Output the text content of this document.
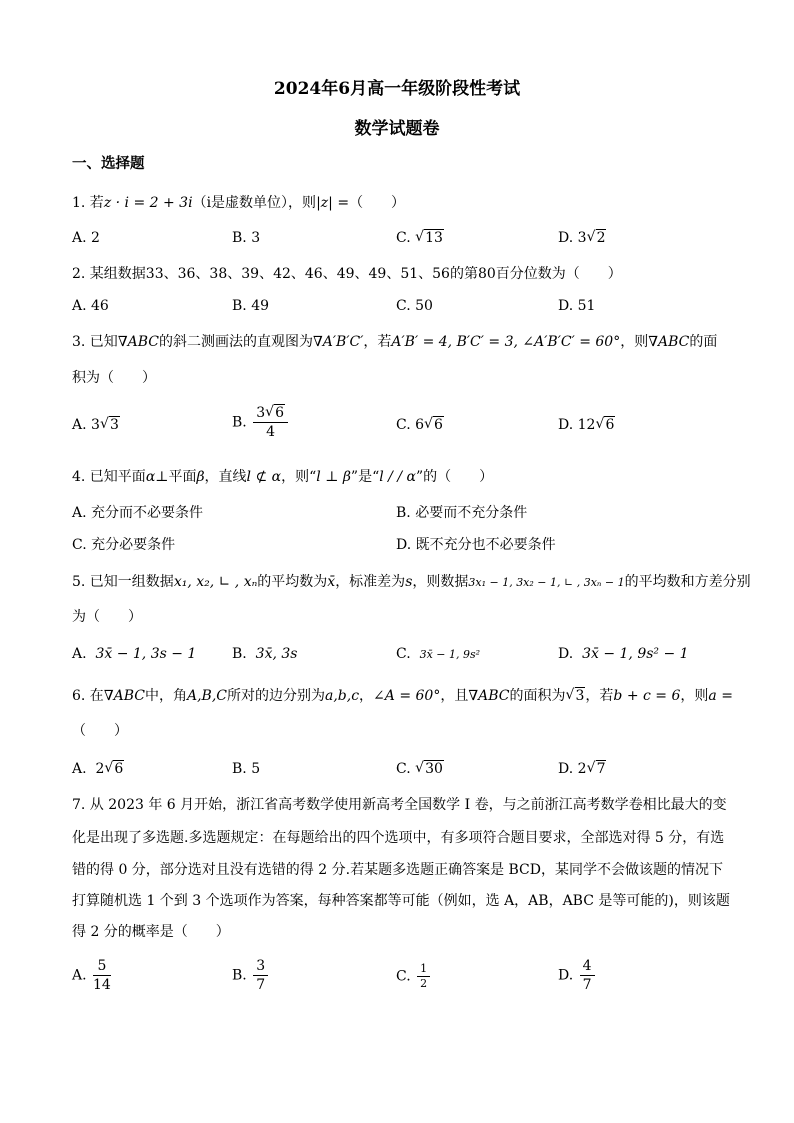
2024年6月高一年级阶段性考试
数学试题卷
一、选择题
1. 若z · i = 2 + 3i（i是虚数单位），则|z| =（　　）
A. 2	B. 3	C. √ 13	D. 3 √ 2
2. 某组数据33、36、38、39、42、46、49、49、51、56的第80百分位数为（　　）
A. 46	B. 49	C. 50	D. 51
3. 已知∇ABC的斜二测画法的直观图为∇A′B′C′，若A′B′ = 4, B′C′ = 3, ∠A′B′C′ = 60°，则∇ABC的面
积为（　　）
A. 3 √ 3	B. $\frac{3 √ 6}{4}$	C. 6 √ 6	D. 12 √ 6
4. 已知平面α⊥平面β，直线l ⊄ α，则“l ⊥ β”是“l / / α”的（　　）
A. 充分而不必要条件	B. 必要而不充分条件
C. 充分必要条件	D. 既不充分也不必要条件
5. 已知一组数据x₁, x₂, ∟ , xₙ的平均数为x̄，标准差为s，则数据3x₁ − 1, 3x₂ − 1, ∟ , 3xₙ − 1的平均数和方差分别
为（　　）
A. 3x̄ − 1, 3s − 1	B. 3x̄, 3s	C. 3x̄ − 1, 9s²	D. 3x̄ − 1, 9s² − 1
6. 在∇ABC中，角A,B,C所对的边分别为a,b,c，∠A = 60°，且∇ABC的面积为 √ 3，若b + c = 6，则a =
（　　）
A. 2 √ 6	B. 5	C. √ 30	D. 2 √ 7
7. 从 2023 年 6 月开始，浙江省高考数学使用新高考全国数学 I 卷，与之前浙江高考数学卷相比最大的变
化是出现了多选题.多选题规定：在每题给出的四个选项中，有多项符合题目要求，全部选对得 5 分，有选
错的得 0 分，部分选对且没有选错的得 2 分.若某题多选题正确答案是 BCD，某同学不会做该题的情况下
打算随机选 1 个到 3 个选项作为答案，每种答案都等可能（例如，选 A，AB，ABC 是等可能的)，则该题
得 2 分的概率是（　　）
A. $\frac{5}{14}$	B. $\frac{3}{7}$	C. $\frac{1}{2}$	D. $\frac{4}{7}$
